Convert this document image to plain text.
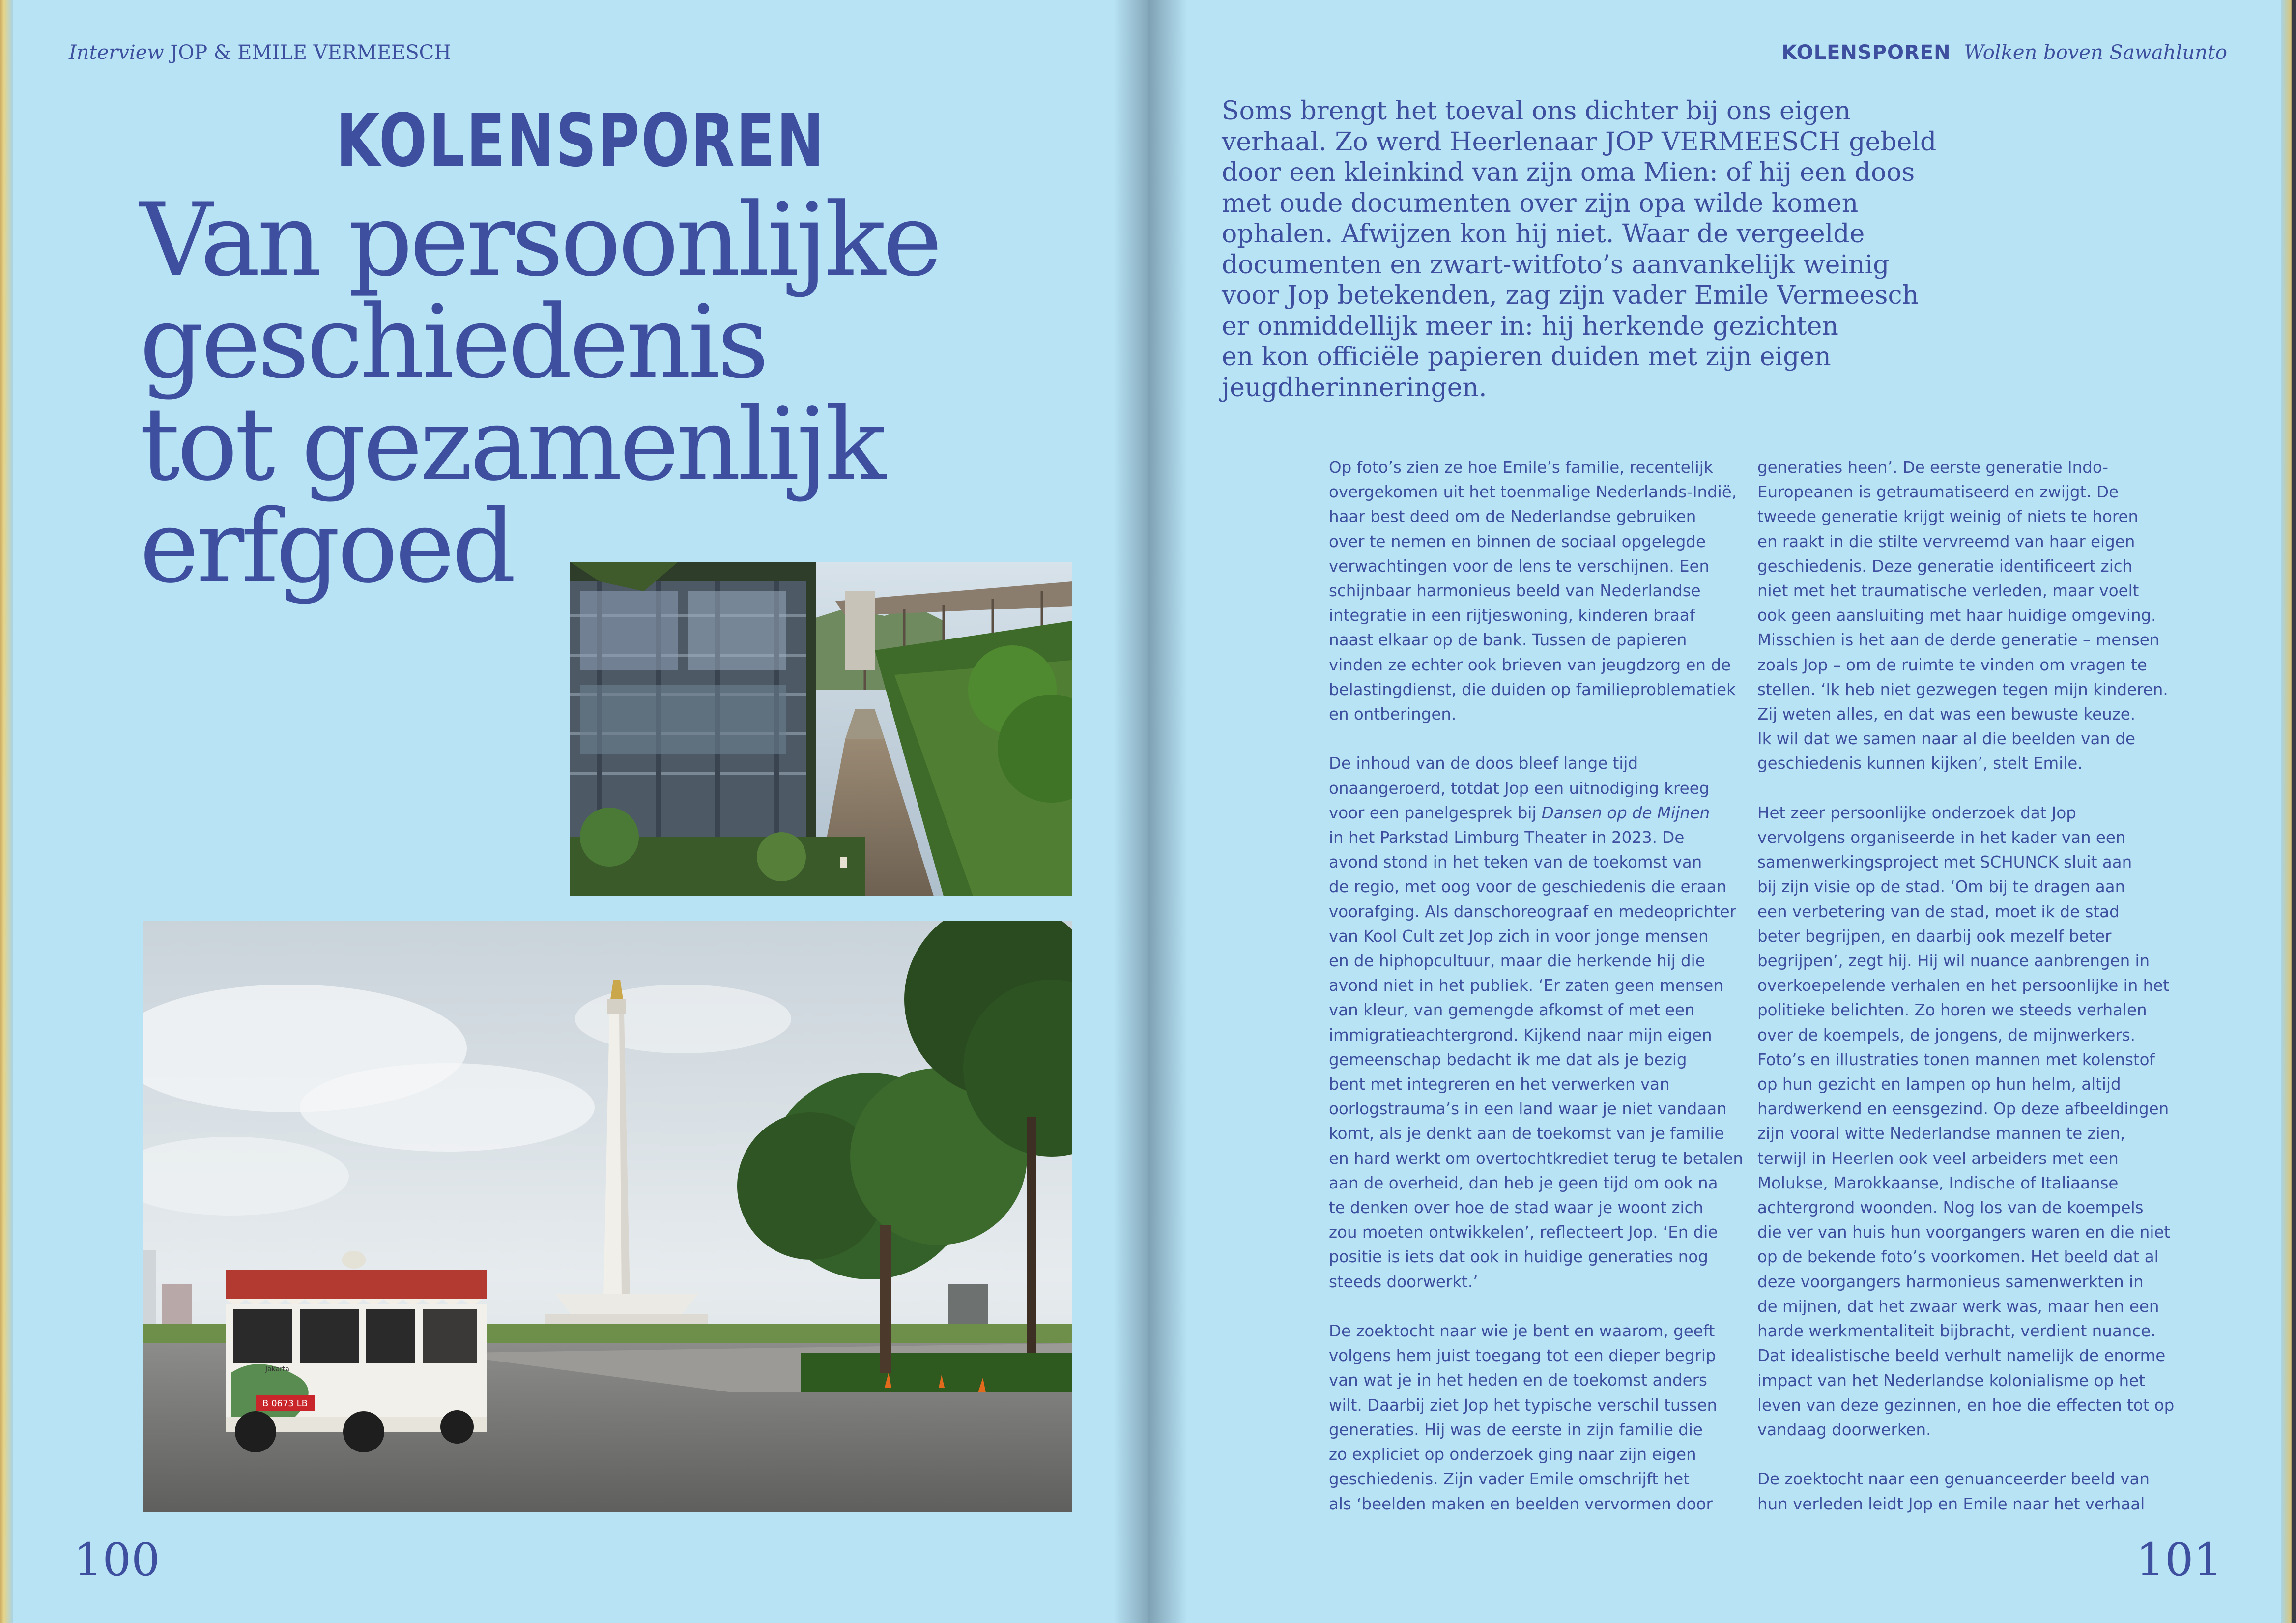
Interview JOP & EMILE VERMEESCH
KOLENSPOREN
Van persoonlijke
geschiedenis
tot gezamenlijk
erfgoed
B 0673 LB
Jakarta
100
KOLENSPOREN Wolken boven Sawahlunto
Soms brengt het toeval ons dichter bij ons eigen
verhaal. Zo werd Heerlenaar JOP VERMEESCH gebeld
door een kleinkind van zijn oma Mien: of hij een doos
met oude documenten over zijn opa wilde komen
ophalen. Afwijzen kon hij niet. Waar de vergeelde
documenten en zwart-witfoto’s aanvankelijk weinig
voor Jop betekenden, zag zijn vader Emile Vermeesch
er onmiddellijk meer in: hij herkende gezichten
en kon officiële papieren duiden met zijn eigen
jeugdherinneringen.
Op foto’s zien ze hoe Emile’s familie, recentelijk
overgekomen uit het toenmalige Nederlands-Indië,
haar best deed om de Nederlandse gebruiken
over te nemen en binnen de sociaal opgelegde
verwachtingen voor de lens te verschijnen. Een
schijnbaar harmonieus beeld van Nederlandse
integratie in een rijtjeswoning, kinderen braaf
naast elkaar op de bank. Tussen de papieren
vinden ze echter ook brieven van jeugdzorg en de
belastingdienst, die duiden op familieproblematiek
en ontberingen.
De inhoud van de doos bleef lange tijd
onaangeroerd, totdat Jop een uitnodiging kreeg
voor een panelgesprek bij Dansen op de Mijnen
in het Parkstad Limburg Theater in 2023. De
avond stond in het teken van de toekomst van
de regio, met oog voor de geschiedenis die eraan
voorafging. Als danschoreograaf en medeoprichter
van Kool Cult zet Jop zich in voor jonge mensen
en de hiphopcultuur, maar die herkende hij die
avond niet in het publiek. ‘Er zaten geen mensen
van kleur, van gemengde afkomst of met een
immigratieachtergrond. Kijkend naar mijn eigen
gemeenschap bedacht ik me dat als je bezig
bent met integreren en het verwerken van
oorlogstrauma’s in een land waar je niet vandaan
komt, als je denkt aan de toekomst van je familie
en hard werkt om overtochtkrediet terug te betalen
aan de overheid, dan heb je geen tijd om ook na
te denken over hoe de stad waar je woont zich
zou moeten ontwikkelen’, reflecteert Jop. ‘En die
positie is iets dat ook in huidige generaties nog
steeds doorwerkt.’
De zoektocht naar wie je bent en waarom, geeft
volgens hem juist toegang tot een dieper begrip
van wat je in het heden en de toekomst anders
wilt. Daarbij ziet Jop het typische verschil tussen
generaties. Hij was de eerste in zijn familie die
zo expliciet op onderzoek ging naar zijn eigen
geschiedenis. Zijn vader Emile omschrijft het
als ‘beelden maken en beelden vervormen door
generaties heen’. De eerste generatie Indo-
Europeanen is getraumatiseerd en zwijgt. De
tweede generatie krijgt weinig of niets te horen
en raakt in die stilte vervreemd van haar eigen
geschiedenis. Deze generatie identificeert zich
niet met het traumatische verleden, maar voelt
ook geen aansluiting met haar huidige omgeving.
Misschien is het aan de derde generatie – mensen
zoals Jop – om de ruimte te vinden om vragen te
stellen. ‘Ik heb niet gezwegen tegen mijn kinderen.
Zij weten alles, en dat was een bewuste keuze.
Ik wil dat we samen naar al die beelden van de
geschiedenis kunnen kijken’, stelt Emile.
Het zeer persoonlijke onderzoek dat Jop
vervolgens organiseerde in het kader van een
samenwerkingsproject met SCHUNCK sluit aan
bij zijn visie op de stad. ‘Om bij te dragen aan
een verbetering van de stad, moet ik de stad
beter begrijpen, en daarbij ook mezelf beter
begrijpen’, zegt hij. Hij wil nuance aanbrengen in
overkoepelende verhalen en het persoonlijke in het
politieke belichten. Zo horen we steeds verhalen
over de koempels, de jongens, de mijnwerkers.
Foto’s en illustraties tonen mannen met kolenstof
op hun gezicht en lampen op hun helm, altijd
hardwerkend en eensgezind. Op deze afbeeldingen
zijn vooral witte Nederlandse mannen te zien,
terwijl in Heerlen ook veel arbeiders met een
Molukse, Marokkaanse, Indische of Italiaanse
achtergrond woonden. Nog los van de koempels
die ver van huis hun voorgangers waren en die niet
op de bekende foto’s voorkomen. Het beeld dat al
deze voorgangers harmonieus samenwerkten in
de mijnen, dat het zwaar werk was, maar hen een
harde werkmentaliteit bijbracht, verdient nuance.
Dat idealistische beeld verhult namelijk de enorme
impact van het Nederlandse kolonialisme op het
leven van deze gezinnen, en hoe die effecten tot op
vandaag doorwerken.
De zoektocht naar een genuanceerder beeld van
hun verleden leidt Jop en Emile naar het verhaal
101
